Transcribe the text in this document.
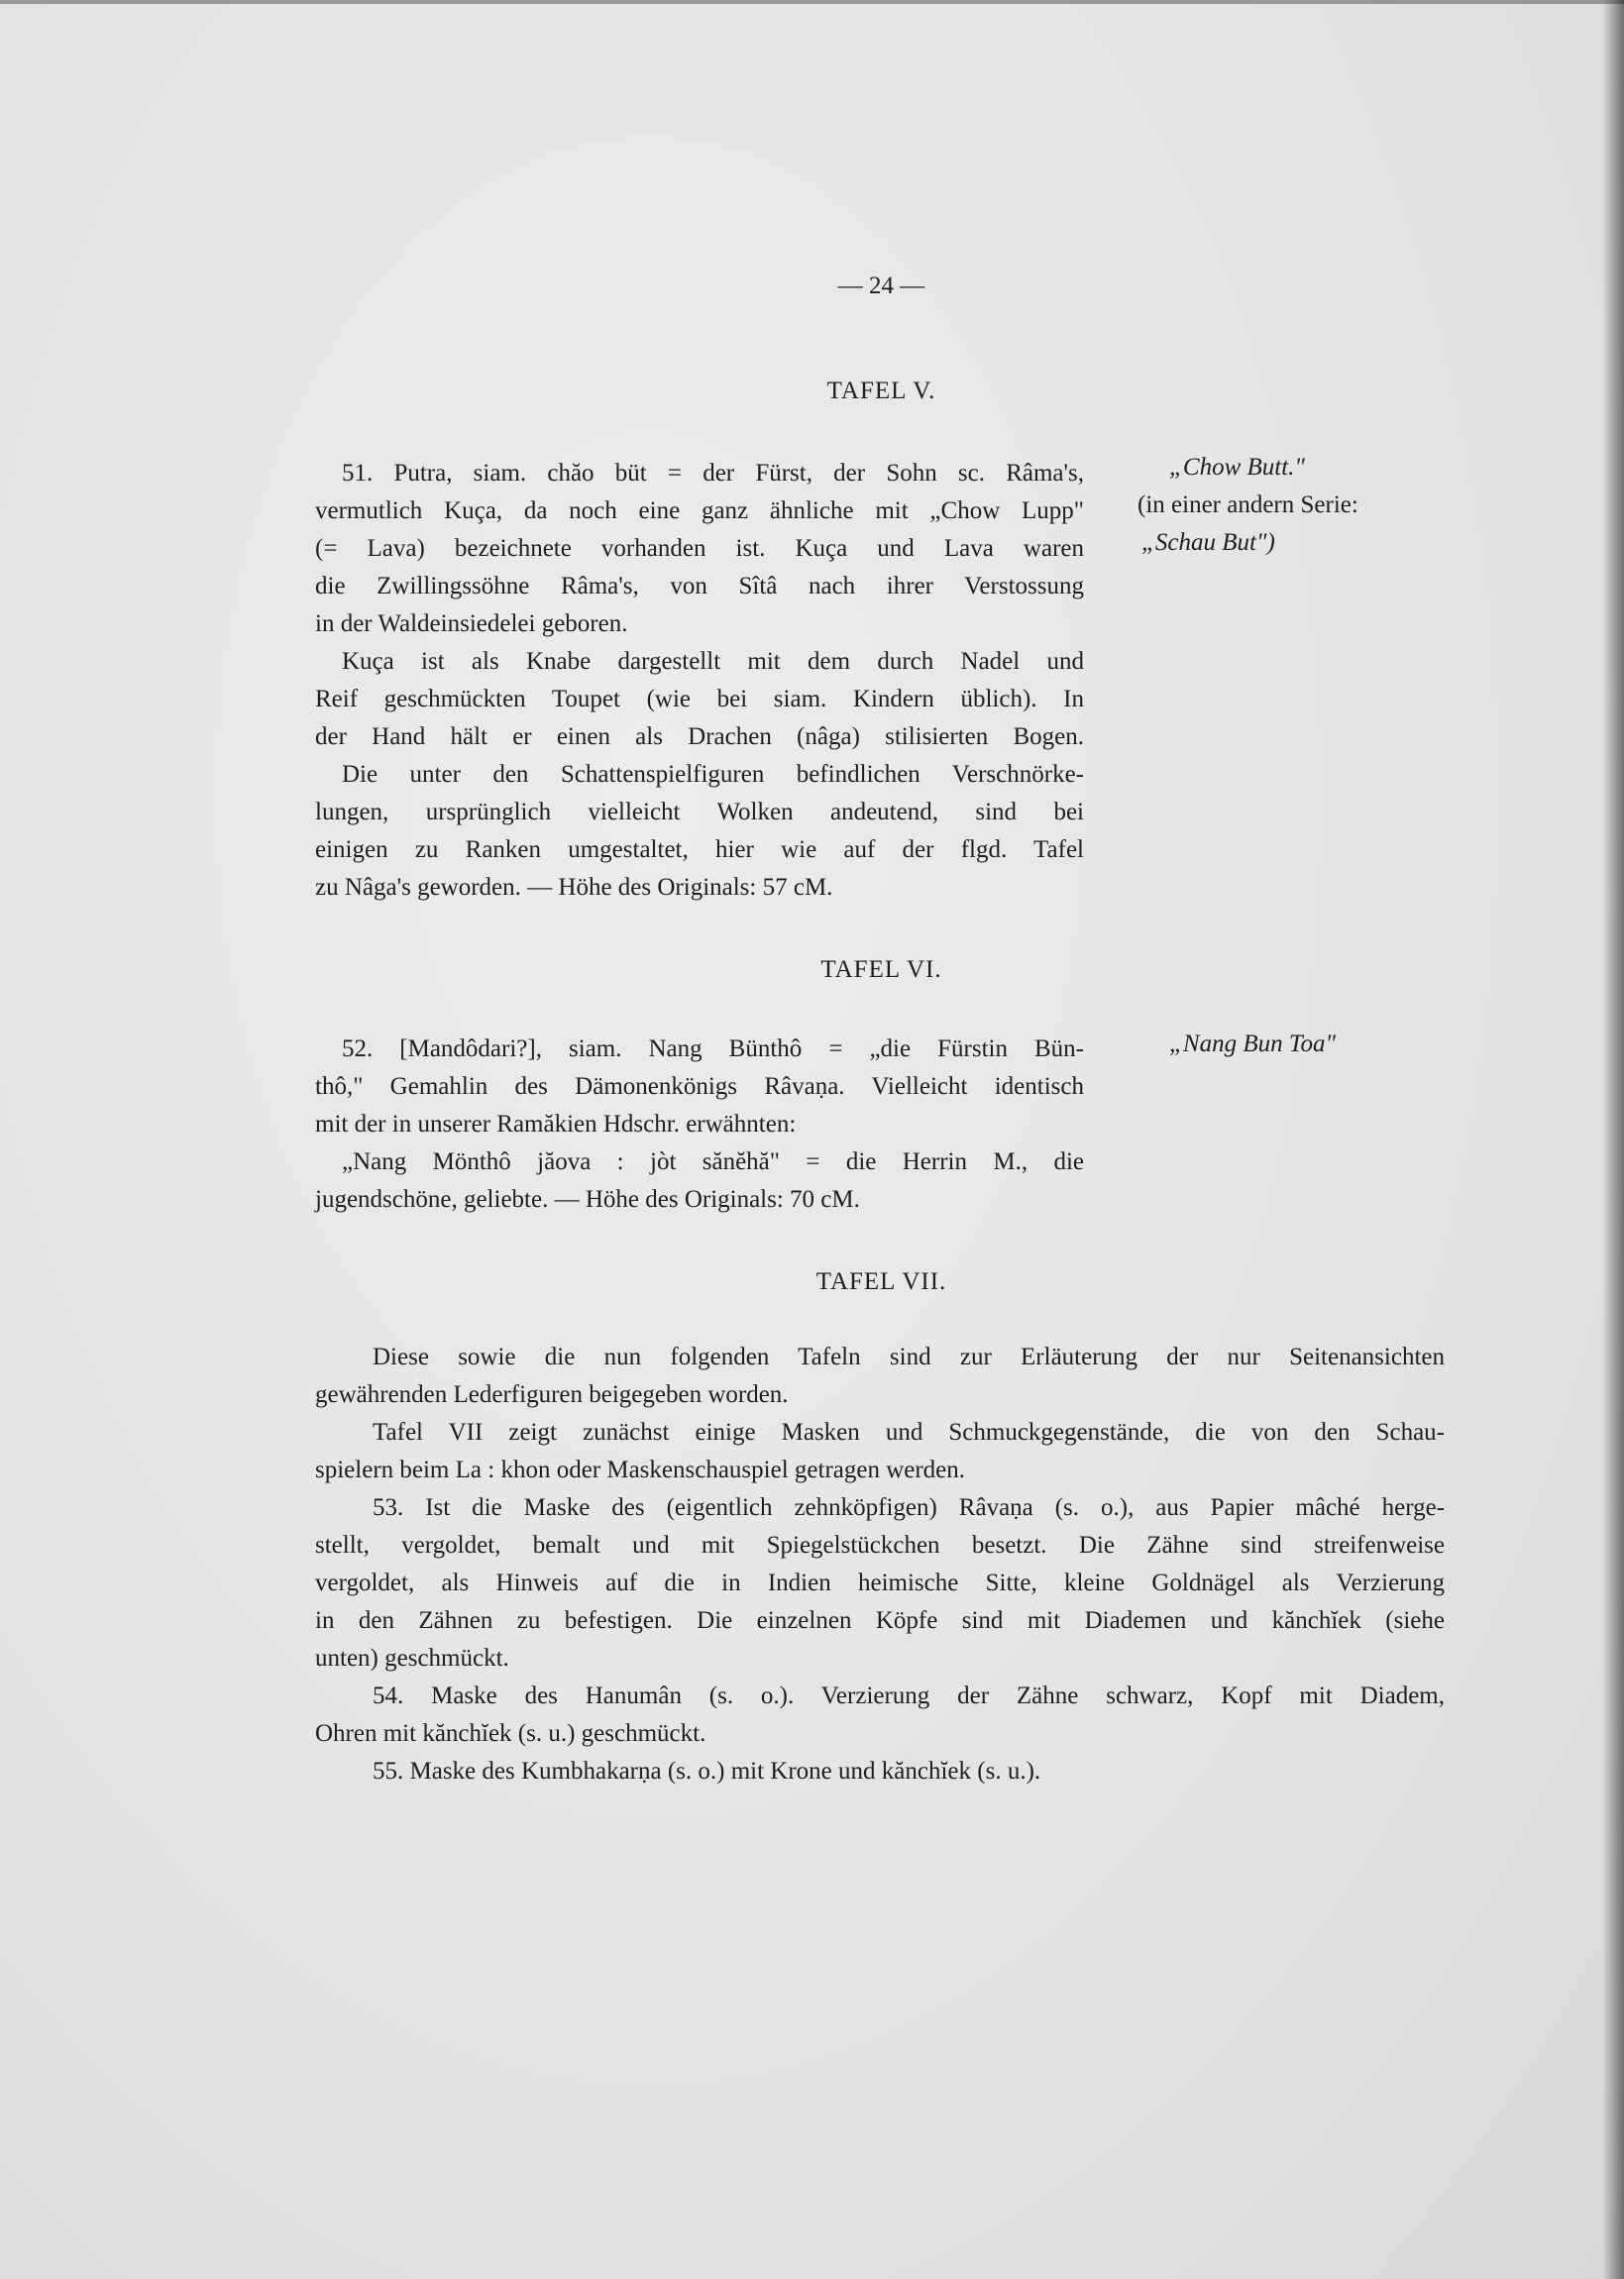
— 24 —
TAFEL V.
51. Putra, siam. chăo büt = der Fürst, der Sohn sc. Râma's,
vermutlich Kuça, da noch eine ganz ähnliche mit „Chow Lupp"
(= Lava) bezeichnete vorhanden ist. Kuça und Lava waren
die Zwillingssöhne Râma's, von Sîtâ nach ihrer Verstossung
in der Waldeinsiedelei geboren.
Kuça ist als Knabe dargestellt mit dem durch Nadel und
Reif geschmückten Toupet (wie bei siam. Kindern üblich). In
der Hand hält er einen als Drachen (nâga) stilisierten Bogen.
Die unter den Schattenspielfiguren befindlichen Verschnörke-
lungen, ursprünglich vielleicht Wolken andeutend, sind bei
einigen zu Ranken umgestaltet, hier wie auf der flgd. Tafel
zu Nâga's geworden. — Höhe des Originals: 57 cM.
„Chow Butt."
(in einer andern Serie:
„Schau But")
TAFEL VI.
52. [Mandôdari?], siam. Nang Bünthô = „die Fürstin Bün-
thô," Gemahlin des Dämonenkönigs Râvaṇa. Vielleicht identisch
mit der in unserer Ramăkien Hdschr. erwähnten:
„Nang Mönthô jăova : jòt sănĕhă" = die Herrin M., die
jugendschöne, geliebte. — Höhe des Originals: 70 cM.
„Nang Bun Toa"
TAFEL VII.
Diese sowie die nun folgenden Tafeln sind zur Erläuterung der nur Seitenansichten
gewährenden Lederfiguren beigegeben worden.
Tafel VII zeigt zunächst einige Masken und Schmuckgegenstände, die von den Schau-
spielern beim La : khon oder Maskenschauspiel getragen werden.
53. Ist die Maske des (eigentlich zehnköpfigen) Râvaṇa (s. o.), aus Papier mâché herge-
stellt, vergoldet, bemalt und mit Spiegelstückchen besetzt. Die Zähne sind streifenweise
vergoldet, als Hinweis auf die in Indien heimische Sitte, kleine Goldnägel als Verzierung
in den Zähnen zu befestigen. Die einzelnen Köpfe sind mit Diademen und kănchĭek (siehe
unten) geschmückt.
54. Maske des Hanumân (s. o.). Verzierung der Zähne schwarz, Kopf mit Diadem,
Ohren mit kănchĭek (s. u.) geschmückt.
55. Maske des Kumbhakarṇa (s. o.) mit Krone und kănchĭek (s. u.).
